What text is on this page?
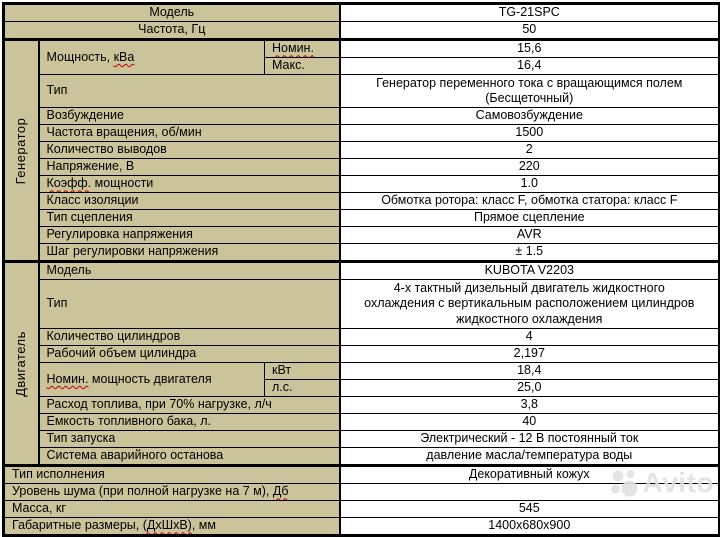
Модель			TG-21SPC
Частота, Гц			50

Генератор	Мощность, кВа	Номин.	15,6
		Макс.	16,4
	Тип		Генератор переменного тока с вращающимся полем (Бесщеточный)

	Возбуждение		Самовозбуждение
	Частота вращения, об/мин		1500
	Количество выводов		2
	Напряжение, В		220
	Коэфф. мощности		1.0
	Класс изоляции		Обмотка ротора: класс F, обмотка статора: класс F
	Тип сцепления		Прямое сцепление
	Регулировка напряжения		AVR
	Шаг регулировки напряжения		± 1.5

Двигатель	Модель		KUBOTA V2203
	Тип		4-х тактный дизельный двигатель жидкостного охлаждения с вертикальным расположением цилиндров жидкостного охлаждения

	Количество цилиндров		4
	Рабочий объем цилиндра		2,197
	Номин. мощность двигателя	кВт	18,4
		л.с.	25,0
	Расход топлива, при 70% нагрузке, л/ч		3,8
	Емкость топливного бака, л.		40
	Тип запуска		Электрический - 12 В постоянный ток
	Система аварийного останова		давление масла/температура воды
Тип исполнения			Декоративный кожух
Уровень шума (при полной нагрузке на 7 м), Дб			
Масса, кг			545
Габаритные размеры, (ДхШхВ), мм			1400х680х900
Avito
